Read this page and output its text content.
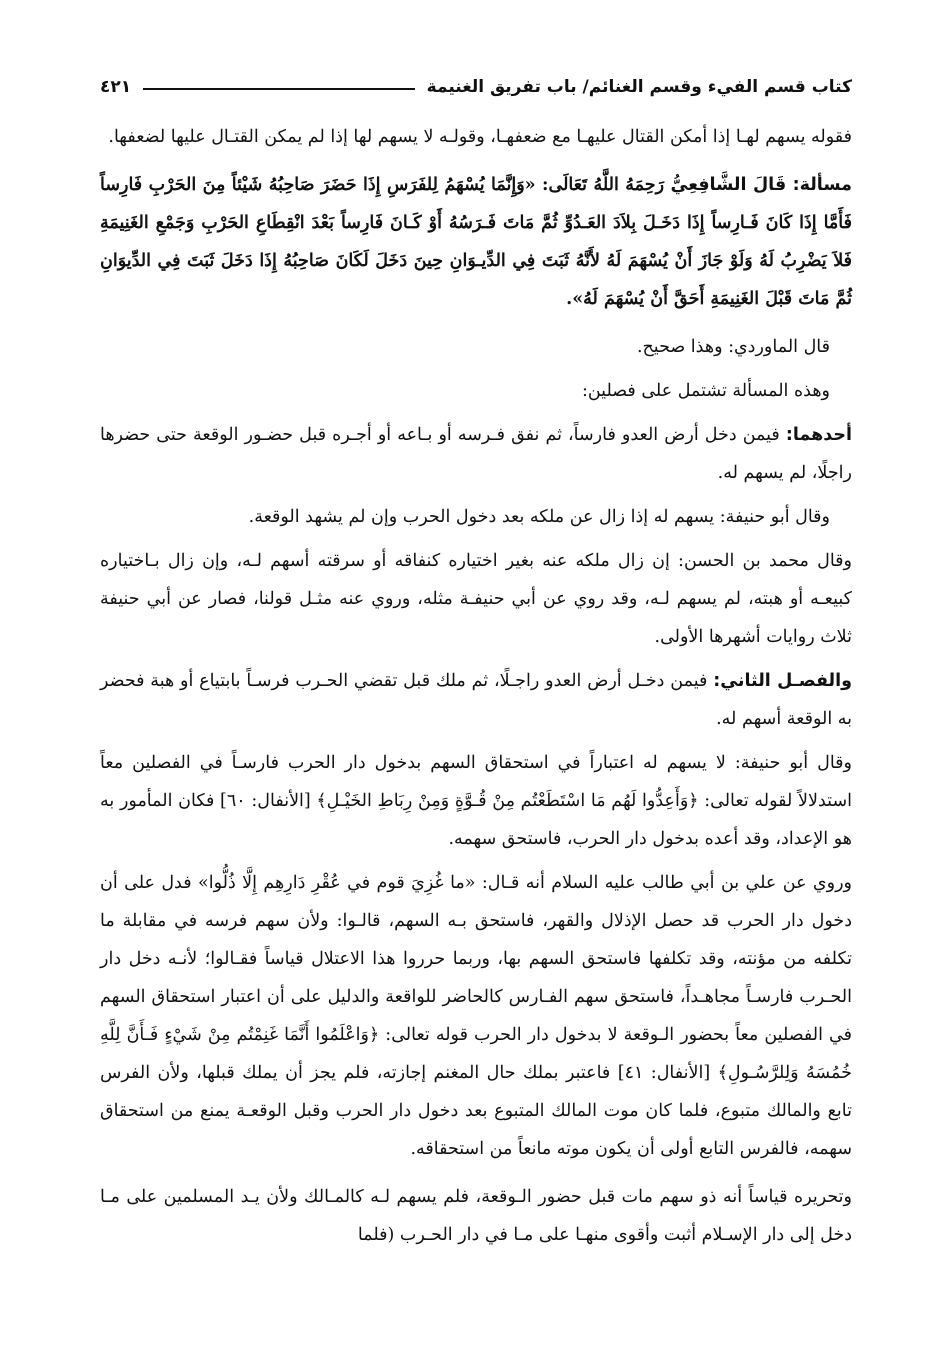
كتاب قسم الفيء وقسم الغنائم/ باب تفريق الغنيمة
٤٢١

فقوله يسهم لهـا إذا أمكن القتال عليهـا مع ضعفهـا، وقولـه لا يسهم لها إذا لم يمكن القتـال عليها لضعفها.

مسألة: قَالَ الشَّافِعِيُّ رَحِمَهُ اللَّهُ تَعَالَى: «وَإِنَّمَا يُسْهَمُ لِلفَرَسِ إِذَا حَضَرَ صَاحِبُهُ شَيْئاً مِنَ الحَرْبِ فَارِساً فَأَمَّا إِذَا كَانَ فَـارِساً إِذَا دَخَـلَ بِلاَدَ العَـدُوِّ ثُمَّ مَاتَ فَـرَسُهُ أَوْ كَـانَ فَارِساً بَعْدَ انْقِطَاعِ الحَرْبِ وَجَمْعِ الغَنِيمَةِ فَلاَ يَضْرِبُ لَهُ وَلَوْ جَازَ أَنْ يُسْهَمَ لَهُ لأَنَّهُ ثَبَتَ فِي الدِّيـوَانِ حِينَ دَخَلَ لَكَانَ صَاحِبُهُ إِذَا دَخَلَ ثَبَتَ فِي الدِّيوَانِ ثُمَّ مَاتَ قَبْلَ الغَنِيمَةِ أَحَقَّ أَنْ يُسْهَمَ لَهُ».

قال الماوردي: وهذا صحيح.

وهذه المسألة تشتمل على فصلين:

أحدهما: فيمن دخل أرض العدو فارساً، ثم نفق فـرسه أو بـاعه أو أجـره قبل حضـور الوقعة حتى حضرها راجلًا، لم يسهم له.

وقال أبو حنيفة: يسهم له إذا زال عن ملكه بعد دخول الحرب وإن لم يشهد الوقعة.

وقال محمد بن الحسن: إن زال ملكه عنه بغير اختياره كنفاقه أو سرقته أسهم لـه، وإن زال بـاختياره كبيعـه أو هبته، لم يسهم لـه، وقد روي عن أبي حنيفـة مثله، وروي عنه مثـل قولنا، فصار عن أبي حنيفة ثلاث روايات أشهرها الأولى.

والفصـل الثاني: فيمن دخـل أرض العدو راجـلًا، ثم ملك قبل تقضي الحـرب فرسـاً بابتياع أو هبة فحضر به الوقعة أسهم له.

وقال أبو حنيفة: لا يسهم له اعتباراً في استحقاق السهم بدخول دار الحرب فارسـاً في الفصلين معاً استدلالاً لقوله تعالى: ﴿وَأَعِدُّوا لَهُم مَا اسْتَطَعْتُم مِنْ قُـوَّةٍ وَمِنْ رِبَاطِ الخَيْـلِ﴾ [الأنفال: ٦٠] فكان المأمور به هو الإعداد، وقد أعده بدخول دار الحرب، فاستحق سهمه.

وروي عن علي بن أبي طالب عليه السلام أنه قـال: «ما غُزِيَ قوم في عُقْرِ دَارِهِم إِلَّا ذُلُّوا» فدل على أن دخول دار الحرب قد حصل الإذلال والقهر، فاستحق بـه السهم، قالـوا: ولأن سهم فرسه في مقابلة ما تكلفه من مؤنته، وقد تكلفها فاستحق السهم بها، وربما حرروا هذا الاعتلال قياساً فقـالوا؛ لأنـه دخل دار الحـرب فارسـاً مجاهـداً، فاستحق سهم الفـارس كالحاضر للواقعة والدليل على أن اعتبار استحقاق السهم في الفصلين معاً بحضور الـوقعة لا بدخول دار الحرب قوله تعالى: ﴿وَاعْلَمُوا أَنَّمَا غَنِمْتُم مِنْ شَيْءٍ فَـأَنَّ لِلَّهِ خُمُسَهُ وَلِلرَّسُـولِ﴾ [الأنفال: ٤١] فاعتبر بملك حال المغنم إجازته، فلم يجز أن يملك قبلها، ولأن الفرس تابع والمالك متبوع، فلما كان موت المالك المتبوع بعد دخول دار الحرب وقبل الوقعـة يمنع من استحقاق سهمه، فالفرس التابع أولى أن يكون موته مانعاً من استحقاقه.

وتحريره قياساً أنه ذو سهم مات قبل حضور الـوقعة، فلم يسهم لـه كالمـالك ولأن يـد المسلمين على مـا دخل إلى دار الإسـلام أثبت وأقوى منهـا على مـا في دار الحـرب (فلما
